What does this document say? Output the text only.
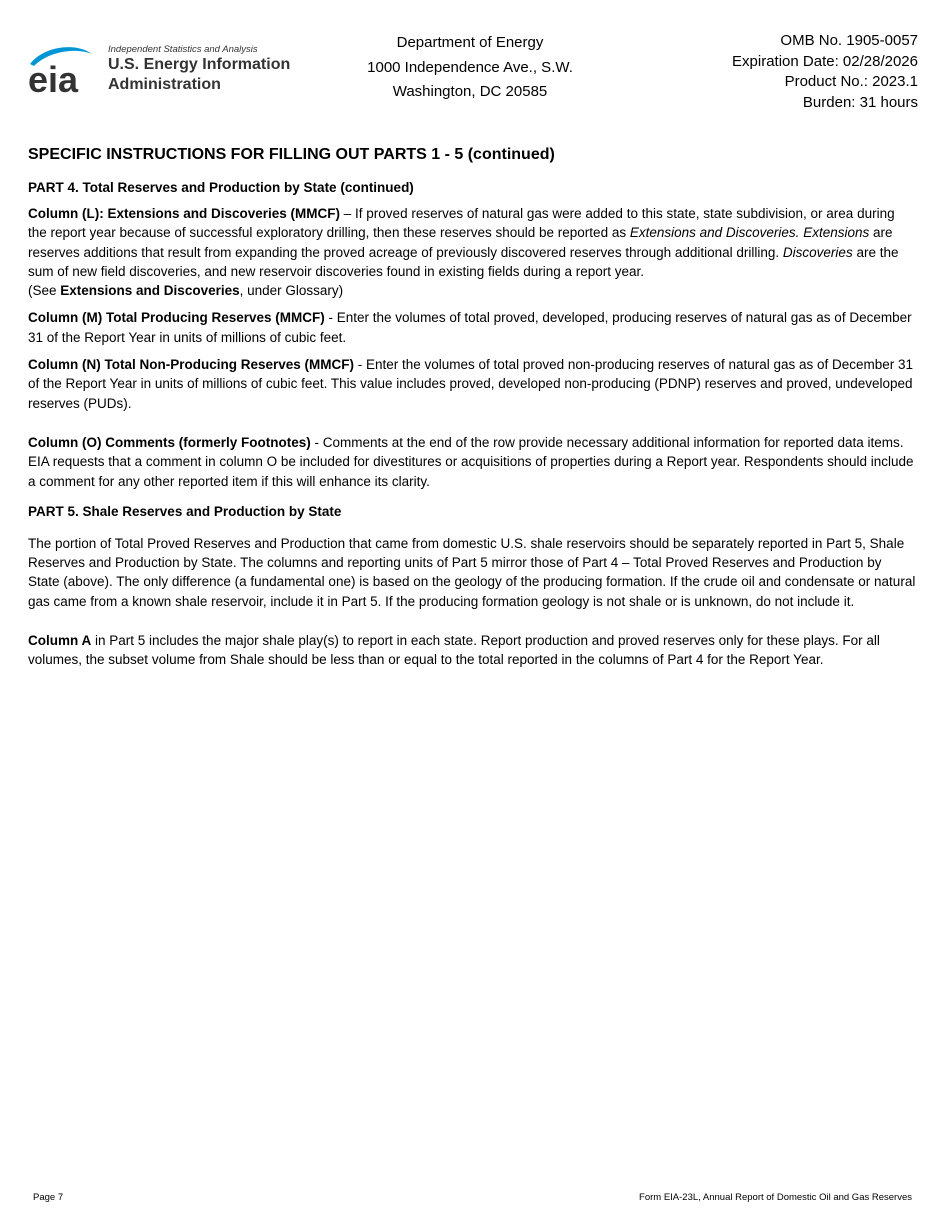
eia
Independent Statistics and Analysis
U.S. Energy Information
Administration
Department of Energy
1000 Independence Ave., S.W.
Washington, DC 20585
OMB No. 1905-0057
Expiration Date: 02/28/2026
Product No.: 2023.1
Burden: 31 hours
SPECIFIC INSTRUCTIONS FOR FILLING OUT PARTS 1 - 5 (continued)
PART 4. Total Reserves and Production by State (continued)

Column (L): Extensions and Discoveries (MMCF) – If proved reserves of natural gas were added to this state, state subdivision, or area during the report year because of successful exploratory drilling, then these reserves should be reported as Extensions and Discoveries. Extensions are reserves additions that result from expanding the proved acreage of previously discovered reserves through additional drilling. Discoveries are the sum of new field discoveries, and new reservoir discoveries found in existing fields during a report year.
(See Extensions and Discoveries, under Glossary)

Column (M) Total Producing Reserves (MMCF) - Enter the volumes of total proved, developed, producing reserves of natural gas as of December 31 of the Report Year in units of millions of cubic feet.

Column (N) Total Non-Producing Reserves (MMCF) - Enter the volumes of total proved non-producing reserves of natural gas as of December 31 of the Report Year in units of millions of cubic feet. This value includes proved, developed non-producing (PDNP) reserves and proved, undeveloped reserves (PUDs).

Column (O) Comments (formerly Footnotes) - Comments at the end of the row provide necessary additional information for reported data items. EIA requests that a comment in column O be included for divestitures or acquisitions of properties during a Report year. Respondents should include a comment for any other reported item if this will enhance its clarity.

PART 5. Shale Reserves and Production by State

The portion of Total Proved Reserves and Production that came from domestic U.S. shale reservoirs should be separately reported in Part 5, Shale Reserves and Production by State. The columns and reporting units of Part 5 mirror those of Part 4 – Total Proved Reserves and Production by State (above). The only difference (a fundamental one) is based on the geology of the producing formation. If the crude oil and condensate or natural gas came from a known shale reservoir, include it in Part 5. If the producing formation geology is not shale or is unknown, do not include it.

Column A in Part 5 includes the major shale play(s) to report in each state. Report production and proved reserves only for these plays. For all volumes, the subset volume from Shale should be less than or equal to the total reported in the columns of Part 4 for the Report Year.

Page 7	Form EIA-23L, Annual Report of Domestic Oil and Gas Reserves
